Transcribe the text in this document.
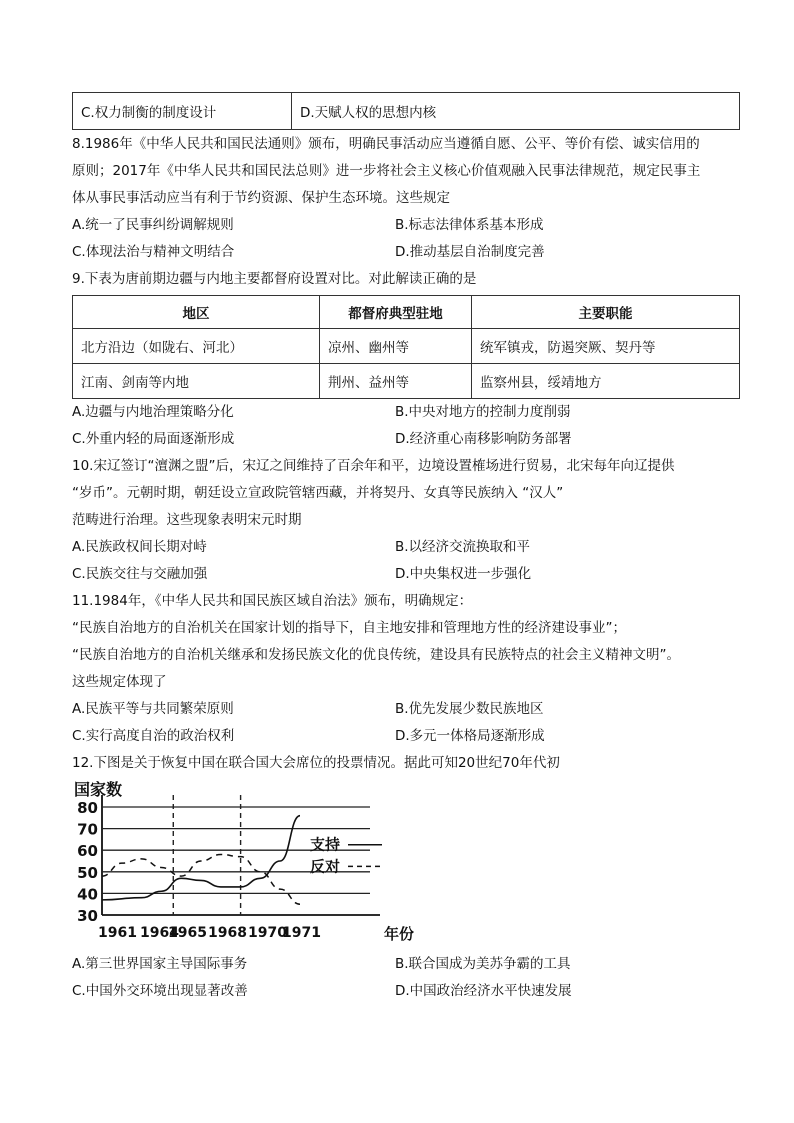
C.权力制衡的制度设计	D.天赋人权的思想内核
8.1986年《中华人民共和国民法通则》颁布，明确民事活动应当遵循自愿、公平、等价有偿、诚实信用的
原则；2017年《中华人民共和国民法总则》进一步将社会主义核心价值观融入民事法律规范，规定民事主
体从事民事活动应当有利于节约资源、保护生态环境。这些规定
A.统一了民事纠纷调解规则	B.标志法律体系基本形成
C.体现法治与精神文明结合	D.推动基层自治制度完善
9.下表为唐前期边疆与内地主要都督府设置对比。对此解读正确的是
地区	都督府典型驻地	主要职能
北方沿边（如陇右、河北）	凉州、幽州等	统军镇戎，防遏突厥、契丹等
江南、剑南等内地	荆州、益州等	监察州县，绥靖地方
A.边疆与内地治理策略分化	B.中央对地方的控制力度削弱
C.外重内轻的局面逐渐形成	D.经济重心南移影响防务部署
10.宋辽签订“澶渊之盟”后，宋辽之间维持了百余年和平，边境设置榷场进行贸易，北宋每年向辽提供
“岁币”。元朝时期，朝廷设立宣政院管辖西藏，并将契丹、女真等民族纳入 “汉人”
范畴进行治理。这些现象表明宋元时期
A.民族政权间长期对峙	B.以经济交流换取和平
C.民族交往与交融加强	D.中央集权进一步强化
11.1984年，《中华人民共和国民族区域自治法》颁布，明确规定：
“民族自治地方的自治机关在国家计划的指导下，自主地安排和管理地方性的经济建设事业”；
“民族自治地方的自治机关继承和发扬民族文化的优良传统，建设具有民族特点的社会主义精神文明”。
这些规定体现了
A.民族平等与共同繁荣原则	B.优先发展少数民族地区
C.实行高度自治的政治权利	D.多元一体格局逐渐形成
12.下图是关于恢复中国在联合国大会席位的投票情况。据此可知20世纪70年代初
30
40
50
60
70
80
国家数
年份
1961 1964
1965 1968 1970
1971
支持
反对
A.第三世界国家主导国际事务	B.联合国成为美苏争霸的工具
C.中国外交环境出现显著改善	D.中国政治经济水平快速发展
